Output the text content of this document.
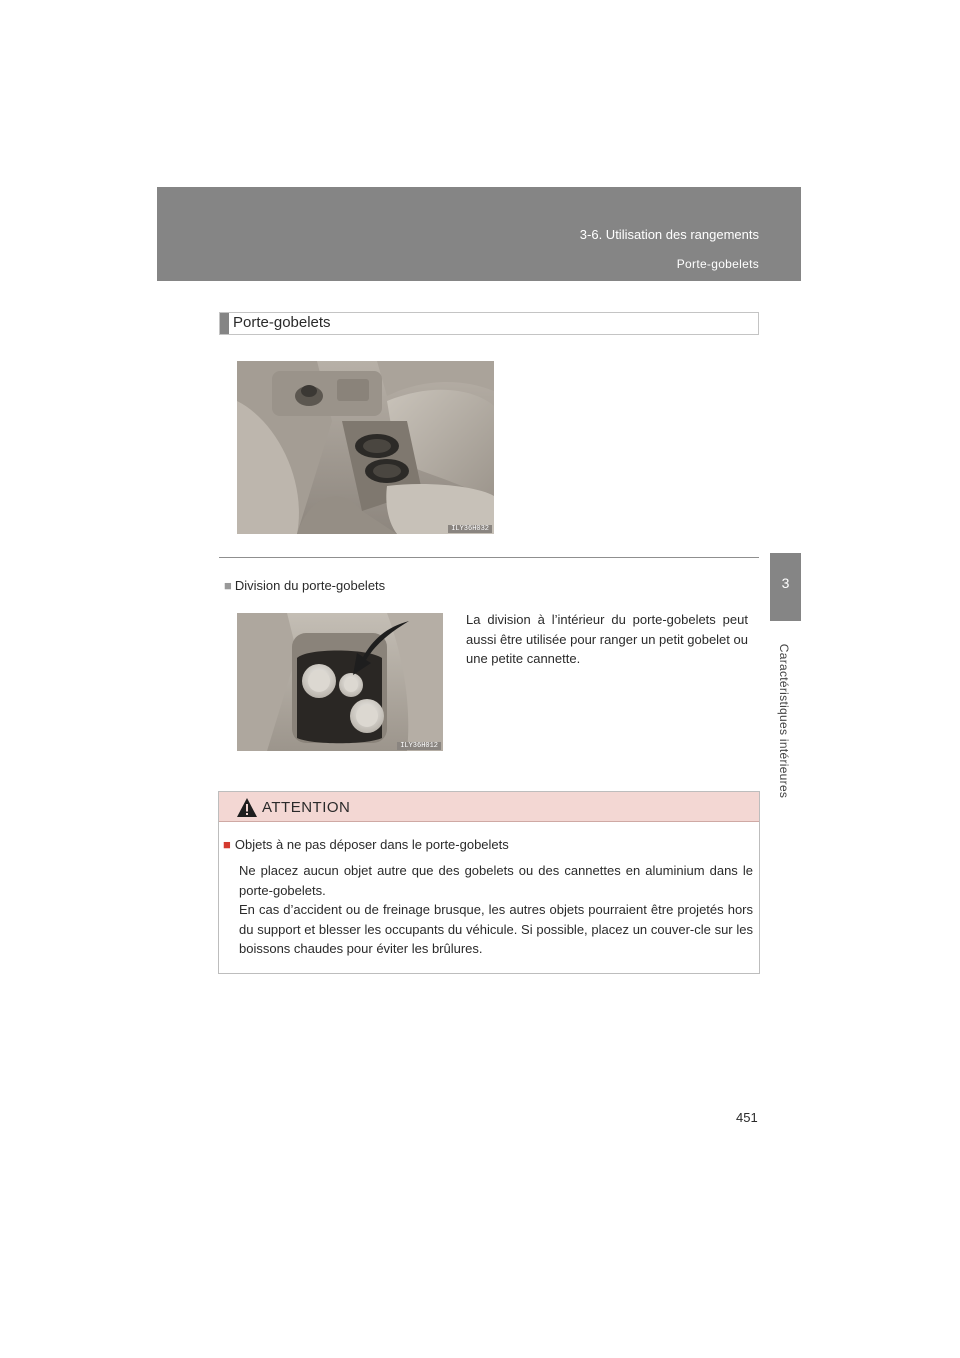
3-6. Utilisation des rangements
Porte-gobelets
3
Caractéristiques intérieures
Porte-gobelets
ILY36H032
■ Division du porte-gobelets
ILY36H012

La division à l’intérieur du porte-gobelets peut aussi être utilisée pour ranger un petit gobelet ou une petite cannette.

ATTENTION
■ Objets à ne pas déposer dans le porte-gobelets

Ne placez aucun objet autre que des gobelets ou des cannettes en aluminium dans le porte-gobelets.

En cas d’accident ou de freinage brusque, les autres objets pourraient être projetés hors du support et blesser les occupants du véhicule. Si possible, placez un couver-cle sur les boissons chaudes pour éviter les brûlures.

451
